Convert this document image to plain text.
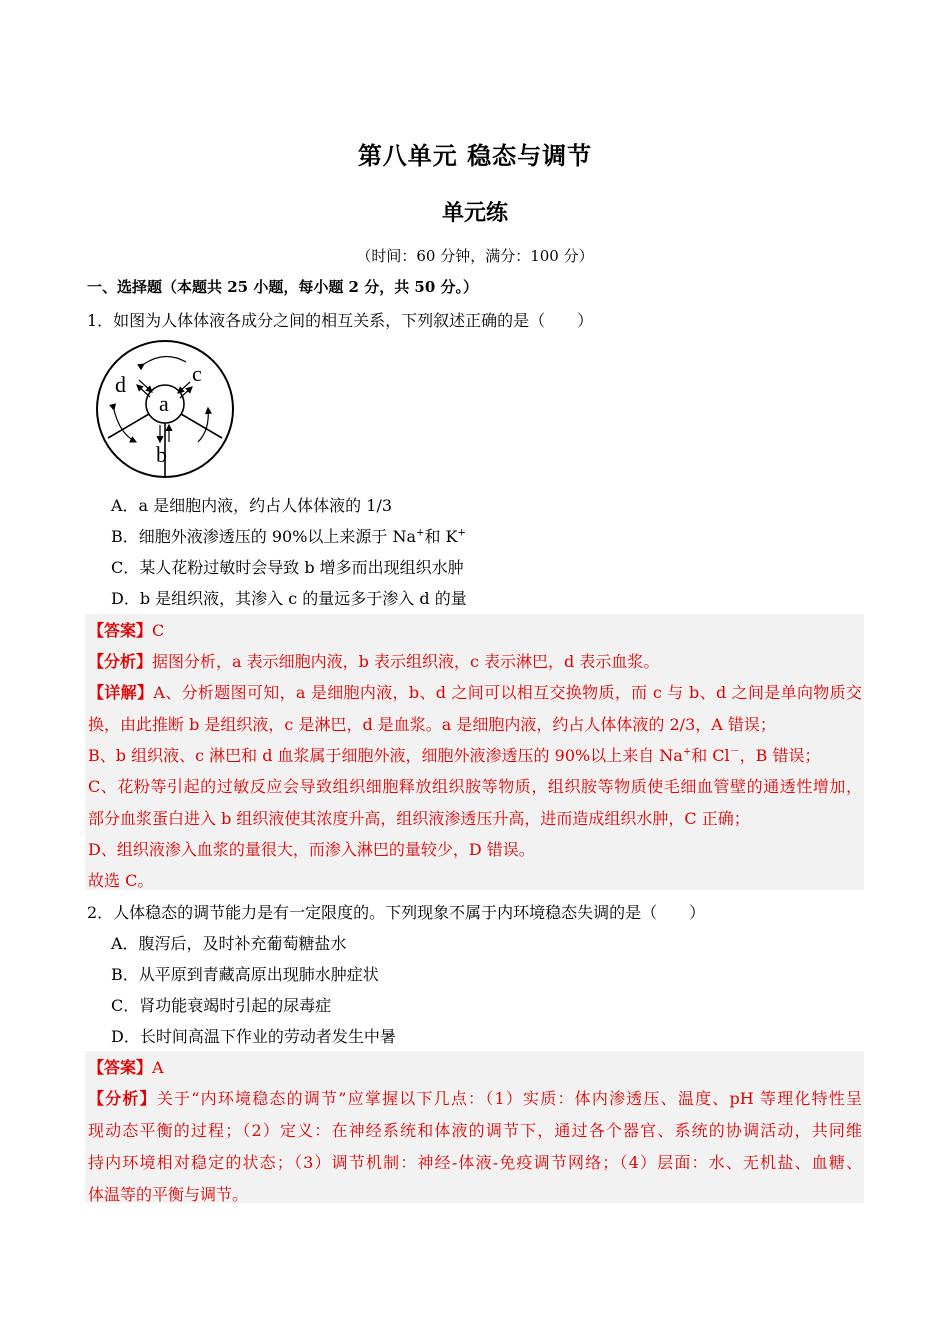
第八单元 稳态与调节
单元练
（时间：60 分钟，满分：100 分）
一、选择题（本题共 25 小题，每小题 2 分，共 50 分。）
1．如图为人体体液各成分之间的相互关系，下列叙述正确的是（　　）
a
b
c
d
A．a 是细胞内液，约占人体体液的 1/3
B．细胞外液渗透压的 90%以上来源于 Na+和 K+
C．某人花粉过敏时会导致 b 增多而出现组织水肿
D．b 是组织液，其渗入 c 的量远多于渗入 d 的量
【答案】C
【分析】据图分析，a 表示细胞内液，b 表示组织液，c 表示淋巴，d 表示血浆。
【详解】A、分析题图可知，a 是细胞内液，b、d 之间可以相互交换物质，而 c 与 b、d 之间是单向物质交
换，由此推断 b 是组织液，c 是淋巴，d 是血浆。a 是细胞内液，约占人体体液的 2/3，A 错误；
B、b 组织液、c 淋巴和 d 血浆属于细胞外液，细胞外液渗透压的 90%以上来自 Na+和 Cl－，B 错误；
C、花粉等引起的过敏反应会导致组织细胞释放组织胺等物质，组织胺等物质使毛细血管壁的通透性增加，
部分血浆蛋白进入 b 组织液使其浓度升高，组织液渗透压升高，进而造成组织水肿，C 正确；
D、组织液渗入血浆的量很大，而渗入淋巴的量较少，D 错误。
故选 C。
2．人体稳态的调节能力是有一定限度的。下列现象不属于内环境稳态失调的是（　　）
A．腹泻后，及时补充葡萄糖盐水
B．从平原到青藏高原出现肺水肿症状
C．肾功能衰竭时引起的尿毒症
D．长时间高温下作业的劳动者发生中暑
【答案】A
【分析】关于“内环境稳态的调节”应掌握以下几点：（1）实质：体内渗透压、温度、pH 等理化特性呈
现动态平衡的过程；（2）定义：在神经系统和体液的调节下，通过各个器官、系统的协调活动，共同维
持内环境相对稳定的状态；（3）调节机制：神经-体液-免疫调节网络；（4）层面：水、无机盐、血糖、
体温等的平衡与调节。
